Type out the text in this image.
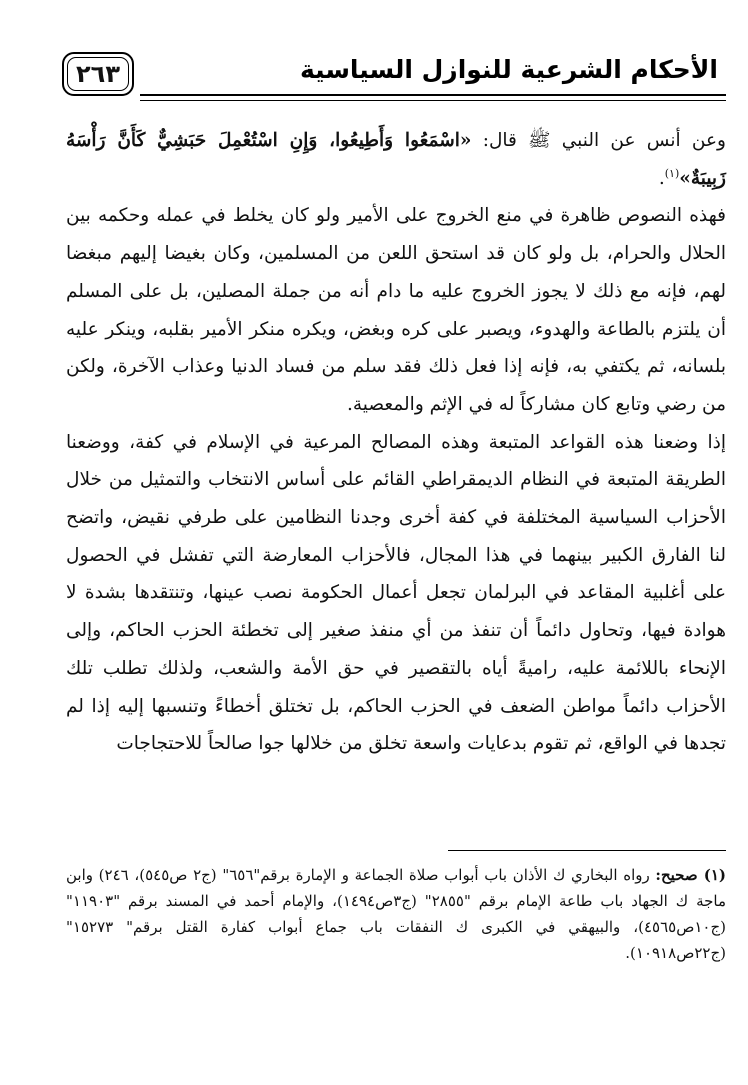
الأحكام الشرعية للنوازل السياسية
٢٦٣

وعن أنس عن النبي ﷺ قال: «اسْمَعُوا وَأَطِيعُوا، وَإِنِ اسْتُعْمِلَ حَبَشِيٌّ كَأَنَّ رَأْسَهُ زَبِيبَةٌ»$^{(١)}$.

فهذه النصوص ظاهرة في منع الخروج على الأمير ولو كان يخلط في عمله وحكمه بين الحلال والحرام، بل ولو كان قد استحق اللعن من المسلمين، وكان بغيضا إليهم مبغضا لهم، فإنه مع ذلك لا يجوز الخروج عليه ما دام أنه من جملة المصلين، بل على المسلم أن يلتزم بالطاعة والهدوء، ويصبر على كره وبغض، ويكره منكر الأمير بقلبه، وينكر عليه بلسانه، ثم يكتفي به، فإنه إذا فعل ذلك فقد سلم من فساد الدنيا وعذاب الآخرة، ولكن من رضي وتابع كان مشاركاً له في الإثم والمعصية.

إذا وضعنا هذه القواعد المتبعة وهذه المصالح المرعية في الإسلام في كفة، ووضعنا الطريقة المتبعة في النظام الديمقراطي القائم على أساس الانتخاب والتمثيل من خلال الأحزاب السياسية المختلفة في كفة أخرى وجدنا النظامين على طرفي نقيض، واتضح لنا الفارق الكبير بينهما في هذا المجال، فالأحزاب المعارضة التي تفشل في الحصول على أغلبية المقاعد في البرلمان تجعل أعمال الحكومة نصب عينها، وتنتقدها بشدة لا هوادة فيها، وتحاول دائماً أن تنفذ من أي منفذ صغير إلى تخطئة الحزب الحاكم، وإلى الإنحاء باللائمة عليه، راميةً أياه بالتقصير في حق الأمة والشعب، ولذلك تطلب تلك الأحزاب دائماً مواطن الضعف في الحزب الحاكم، بل تختلق أخطاءً وتنسبها إليه إذا لم تجدها في الواقع، ثم تقوم بدعايات واسعة تخلق من خلالها جوا صالحاً للاحتجاجات

(١) صحيح: رواه البخاري ك الأذان باب أبواب صلاة الجماعة و الإمارة برقم"٦٥٦" (ج٢ ص٥٤٥)، ٢٤٦) وابن ماجة ك الجهاد باب طاعة الإمام برقم "٢٨٥٥" (ج٣ص١٤٩٤)، والإمام أحمد في المسند برقم "١١٩٠٣" (ج١٠ص٤٥٦٥)، والبيهقي في الكبرى ك النفقات باب جماع أبواب كفارة القتل برقم" ١٥٢٧٣" (ج٢٢ص١٠٩١٨).
